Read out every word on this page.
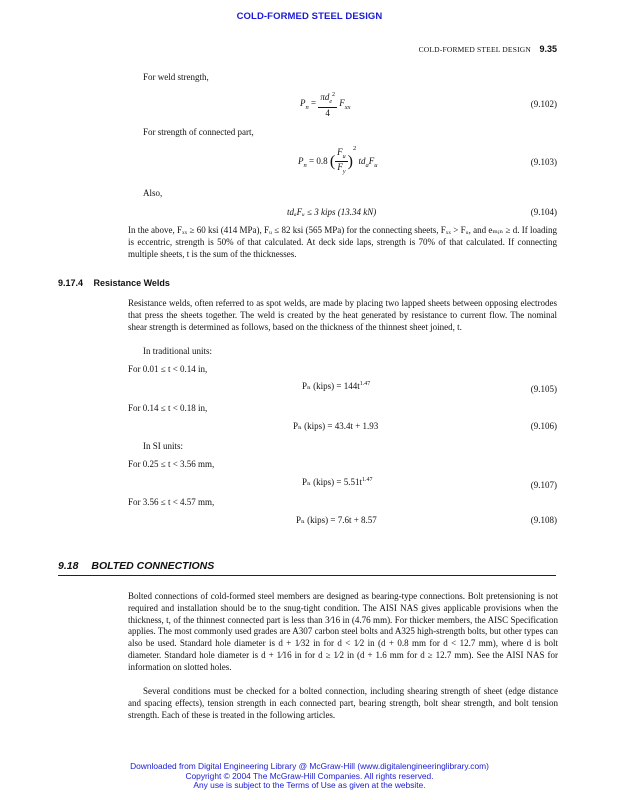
COLD-FORMED STEEL DESIGN
COLD-FORMED STEEL DESIGN 9.35
For weld strength,
$P_n = \frac{\pi d_e^2}{4} F_{xx}$	(9.102)
For strength of connected part,
$P_n = 0.8$ ( $\frac{F_u}{F_y} )^2$ $td_aF_u$	(9.103)
Also,
tdₐFᵤ ≤ 3 kips (13.34 kN)	(9.104)
In the above, Fₓₓ ≥ 60 ksi (414 MPa), Fᵤ ≤ 82 ksi (565 MPa) for the connecting sheets, Fₓₓ > Fᵤ, and eₘᵢₙ ≥ d. If loading is eccentric, strength is 50% of that calculated. At deck side laps, strength is 70% of that calculated. If connecting multiple sheets, t is the sum of the thicknesses.
9.17.4 Resistance Welds
Resistance welds, often referred to as spot welds, are made by placing two lapped sheets between opposing electrodes that press the sheets together. The weld is created by the heat generated by resistance to current flow. The nominal shear strength is determined as follows, based on the thickness of the thinnest sheet joined, t.
In traditional units:
For 0.01 ≤ t < 0.14 in,
Pₙ (kips) = $144t^{1.47}$	(9.105)
For 0.14 ≤ t < 0.18 in,
Pₙ (kips) = 43.4t + 1.93	(9.106)
In SI units:
For 0.25 ≤ t < 3.56 mm,
Pₙ (kips) = $5.51t^{1.47}$	(9.107)
For 3.56 ≤ t < 4.57 mm,
Pₙ (kips) = 7.6t + 8.57	(9.108)
9.18 BOLTED CONNECTIONS
Bolted connections of cold-formed steel members are designed as bearing-type connections. Bolt pretensioning is not required and installation should be to the snug-tight condition. The AISI NAS gives applicable provisions when the thickness, t, of the thinnest connected part is less than 3⁄16 in (4.76 mm). For thicker members, the AISC Specification applies. The most commonly used grades are A307 carbon steel bolts and A325 high-strength bolts, but other types can also be used. Standard hole diameter is d + 1⁄32 in for d < 1⁄2 in (d + 0.8 mm for d < 12.7 mm), where d is bolt diameter. Standard hole diameter is d + 1⁄16 in for d ≥ 1⁄2 in (d + 1.6 mm for d ≥ 12.7 mm). See the AISI NAS for information on slotted holes.
Several conditions must be checked for a bolted connection, including shearing strength of sheet (edge distance and spacing effects), tension strength in each connected part, bearing strength, bolt shear strength, and bolt tension strength. Each of these is treated in the following articles.
Downloaded from Digital Engineering Library @ McGraw-Hill (www.digitalengineeringlibrary.com)
Copyright © 2004 The McGraw-Hill Companies. All rights reserved.
Any use is subject to the Terms of Use as given at the website.
